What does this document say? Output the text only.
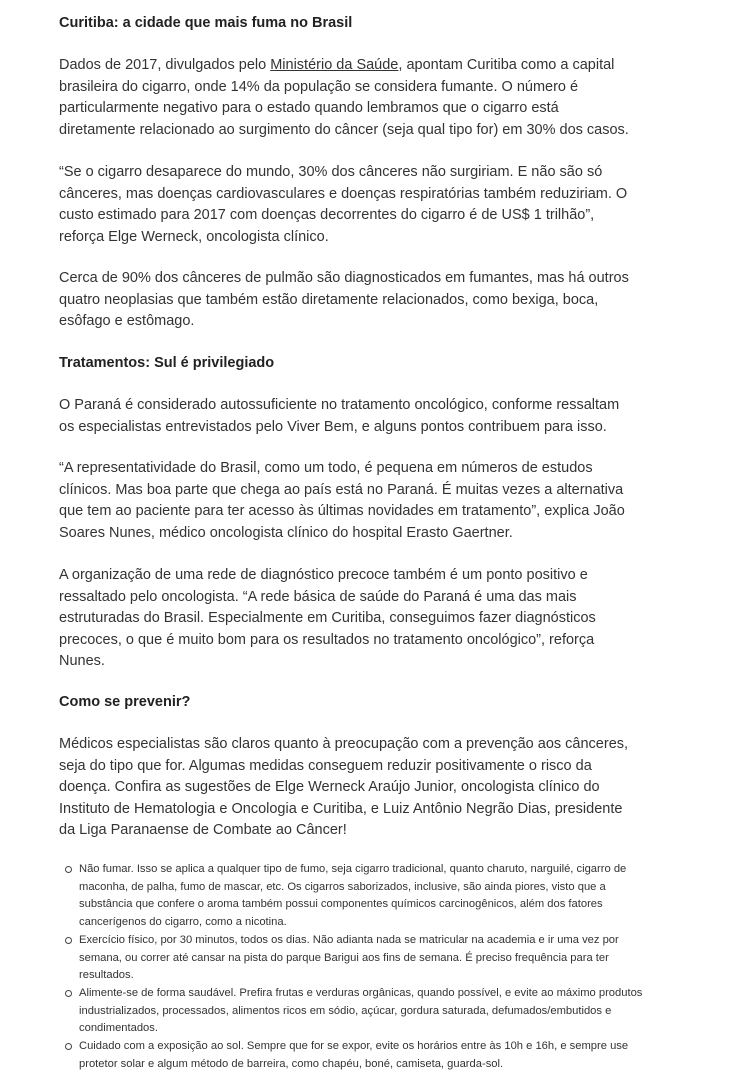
Curitiba: a cidade que mais fuma no Brasil

Dados de 2017, divulgados pelo Ministério da Saúde, apontam Curitiba como a capital brasileira do cigarro, onde 14% da população se considera fumante. O número é particularmente negativo para o estado quando lembramos que o cigarro está diretamente relacionado ao surgimento do câncer (seja qual tipo for) em 30% dos casos.

“Se o cigarro desaparece do mundo, 30% dos cânceres não surgiriam. E não são só cânceres, mas doenças cardiovasculares e doenças respiratórias também reduziriam. O custo estimado para 2017 com doenças decorrentes do cigarro é de US$ 1 trilhão”, reforça Elge Werneck, oncologista clínico.

Cerca de 90% dos cânceres de pulmão são diagnosticados em fumantes, mas há outros quatro neoplasias que também estão diretamente relacionados, como bexiga, boca, esôfago e estômago.

Tratamentos: Sul é privilegiado

O Paraná é considerado autossuficiente no tratamento oncológico, conforme ressaltam os especialistas entrevistados pelo Viver Bem, e alguns pontos contribuem para isso.

“A representatividade do Brasil, como um todo, é pequena em números de estudos clínicos. Mas boa parte que chega ao país está no Paraná. É muitas vezes a alternativa que tem ao paciente para ter acesso às últimas novidades em tratamento”, explica João Soares Nunes, médico oncologista clínico do hospital Erasto Gaertner.

A organização de uma rede de diagnóstico precoce também é um ponto positivo e ressaltado pelo oncologista. “A rede básica de saúde do Paraná é uma das mais estruturadas do Brasil. Especialmente em Curitiba, conseguimos fazer diagnósticos precoces, o que é muito bom para os resultados no tratamento oncológico”, reforça Nunes.

Como se prevenir?

Médicos especialistas são claros quanto à preocupação com a prevenção aos cânceres, seja do tipo que for. Algumas medidas conseguem reduzir positivamente o risco da doença. Confira as sugestões de Elge Werneck Araújo Junior, oncologista clínico do Instituto de Hematologia e Oncologia e Curitiba, e Luiz Antônio Negrão Dias, presidente da Liga Paranaense de Combate ao Câncer!

Não fumar. Isso se aplica a qualquer tipo de fumo, seja cigarro tradicional, quanto charuto, narguilé, cigarro de maconha, de palha, fumo de mascar, etc. Os cigarros saborizados, inclusive, são ainda piores, visto que a substância que confere o aroma também possui componentes químicos carcinogênicos, além dos fatores cancerígenos do cigarro, como a nicotina.
Exercício físico, por 30 minutos, todos os dias. Não adianta nada se matricular na academia e ir uma vez por semana, ou correr até cansar na pista do parque Barigui aos fins de semana. É preciso frequência para ter resultados.
Alimente-se de forma saudável. Prefira frutas e verduras orgânicas, quando possível, e evite ao máximo produtos industrializados, processados, alimentos ricos em sódio, açúcar, gordura saturada, defumados/embutidos e condimentados.
Cuidado com a exposição ao sol. Sempre que for se expor, evite os horários entre às 10h e 16h, e sempre use protetor solar e algum método de barreira, como chapéu, boné, camiseta, guarda-sol.
